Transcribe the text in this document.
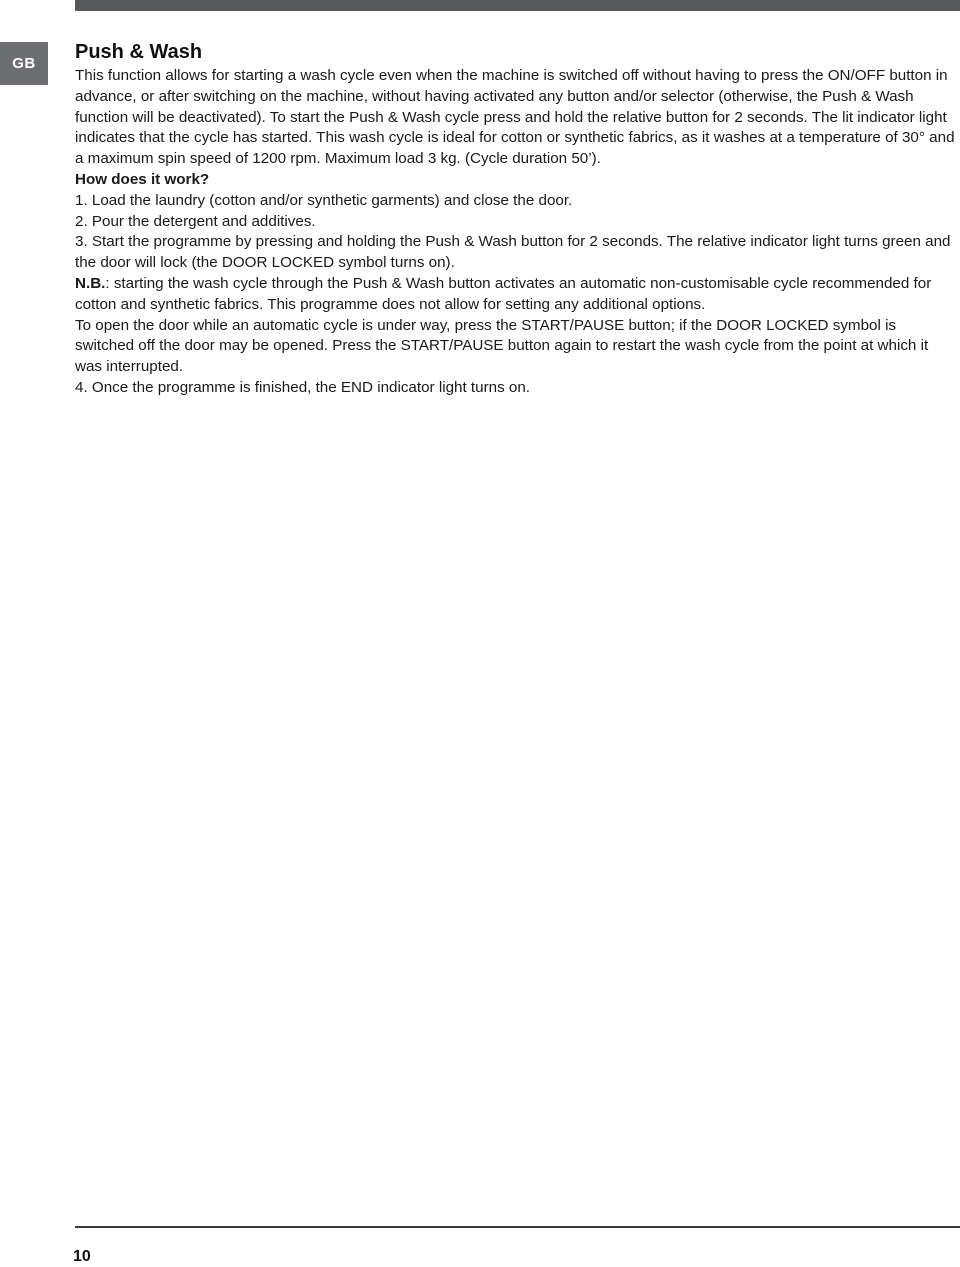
GB
Push & Wash

This function allows for starting a wash cycle even when the machine is switched off without having to press the ON/OFF button in advance, or after switching on the machine, without having activated any button and/or selector (otherwise, the Push & Wash function will be deactivated). To start the Push & Wash cycle press and hold the relative button for 2 seconds. The lit indicator light indicates that the cycle has started. This wash cycle is ideal for cotton or synthetic fabrics, as it washes at a temperature of 30° and a maximum spin speed of 1200 rpm. Maximum load 3 kg. (Cycle duration 50’).

How does it work?

1. Load the laundry (cotton and/or synthetic garments) and close the door.

2. Pour the detergent and additives.

3. Start the programme by pressing and holding the Push & Wash button for 2 seconds. The relative indicator light turns green and the door will lock (the DOOR LOCKED symbol turns on).

N.B.: starting the wash cycle through the Push & Wash button activates an automatic non-customisable cycle recommended for cotton and synthetic fabrics. This programme does not allow for setting any additional options.

To open the door while an automatic cycle is under way, press the START/PAUSE button; if the DOOR LOCKED symbol is switched off the door may be opened. Press the START/PAUSE button again to restart the wash cycle from the point at which it was interrupted.

4. Once the programme is finished, the END indicator light turns on.

10
